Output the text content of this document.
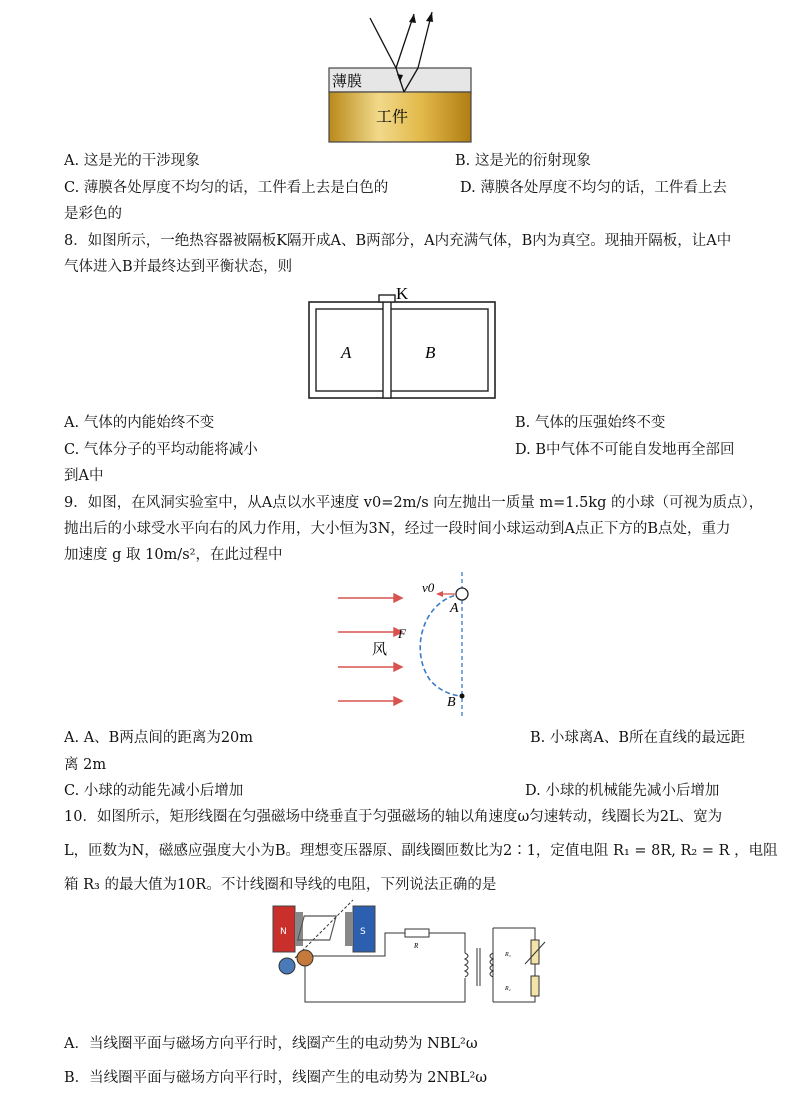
薄膜
工件
A. 这是光的干涉现象	B. 这是光的衍射现象
C. 薄膜各处厚度不均匀的话，工件看上去是白色的	D. 薄膜各处厚度不均匀的话，工件看上去
是彩色的
8．如图所示，一绝热容器被隔板K隔开成A、B两部分，A内充满气体，B内为真空。现抽开隔板，让A中
气体进入B并最终达到平衡状态，则
K
A	B
A. 气体的内能始终不变	B. 气体的压强始终不变
C. 气体分子的平均动能将减小	D. B中气体不可能自发地再全部回
到A中
9．如图，在风洞实验室中，从A点以水平速度 v0=2m/s 向左抛出一质量 m=1.5kg 的小球（可视为质点），
抛出后的小球受水平向右的风力作用，大小恒为3N，经过一段时间小球运动到A点正下方的B点处，重力
加速度 g 取 10m/s²，在此过程中
v0
A
F
风
B
A. A、B两点间的距离为20m	B. 小球离A、B所在直线的最远距
离 2m
C. 小球的动能先减小后增加	D. 小球的机械能先减小后增加
10．如图所示，矩形线圈在匀强磁场中绕垂直于匀强磁场的轴以角速度ω匀速转动，线圈长为2L、宽为
L，匝数为N，磁感应强度大小为B。理想变压器原、副线圈匝数比为2∶1，定值电阻 R₁ = 8R, R₂ = R ，电阻
箱 R₃ 的最大值为10R。不计线圈和导线的电阻，下列说法正确的是
N	S
R
R₃
R₂
A．当线圈平面与磁场方向平行时，线圈产生的电动势为 NBL²ω
B．当线圈平面与磁场方向平行时，线圈产生的电动势为 2NBL²ω
